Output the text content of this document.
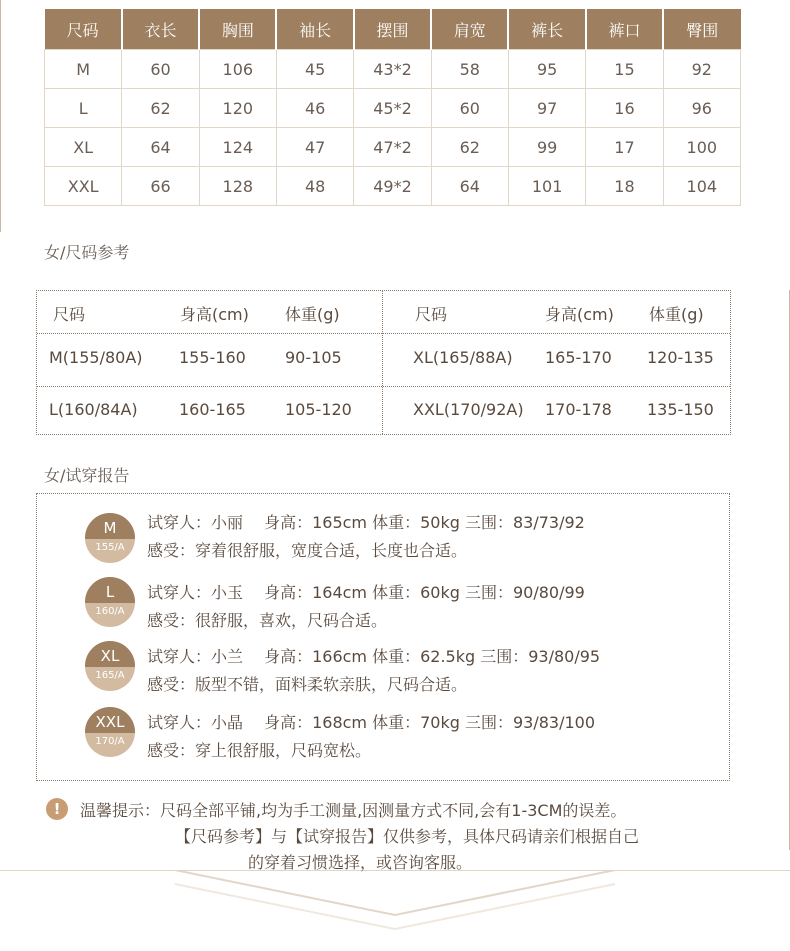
尺码	衣长	胸围	袖长	摆围	肩宽	裤长	裤口	臀围
M	60	106	45	43*2	58	95	15	92
L	62	120	46	45*2	60	97	16	96
XL	64	124	47	47*2	62	99	17	100
XXL	66	128	48	49*2	64	101	18	104
女/尺码参考
尺码	身高(cm) 体重(g)	尺码	身高(cm) 体重(g)
M(155/80A) 155-160 90-105	XL(165/88A) 165-170 120-135
L(160/84A)	160-165 105-120	XXL(170/92A) 170-178 135-150
女/试穿报告
M
155/A
试穿人：小丽　 身高：165cm 体重：50kg 三围：83/73/92
感受：穿着很舒服，宽度合适，长度也合适。
L
160/A
试穿人：小玉　 身高：164cm 体重：60kg 三围：90/80/99
感受：很舒服，喜欢，尺码合适。
XL
165/A
试穿人：小兰　 身高：166cm 体重：62.5kg 三围：93/80/95
感受：版型不错，面料柔软亲肤，尺码合适。
XXL
170/A
试穿人：小晶　 身高：168cm 体重：70kg 三围：93/83/100
感受：穿上很舒服，尺码宽松。
!	温馨提示：尺码全部平铺,均为手工测量,因测量方式不同,会有1-3CM的误差。
【尺码参考】与【试穿报告】仅供参考，具体尺码请亲们根据自己
的穿着习惯选择，或咨询客服。
